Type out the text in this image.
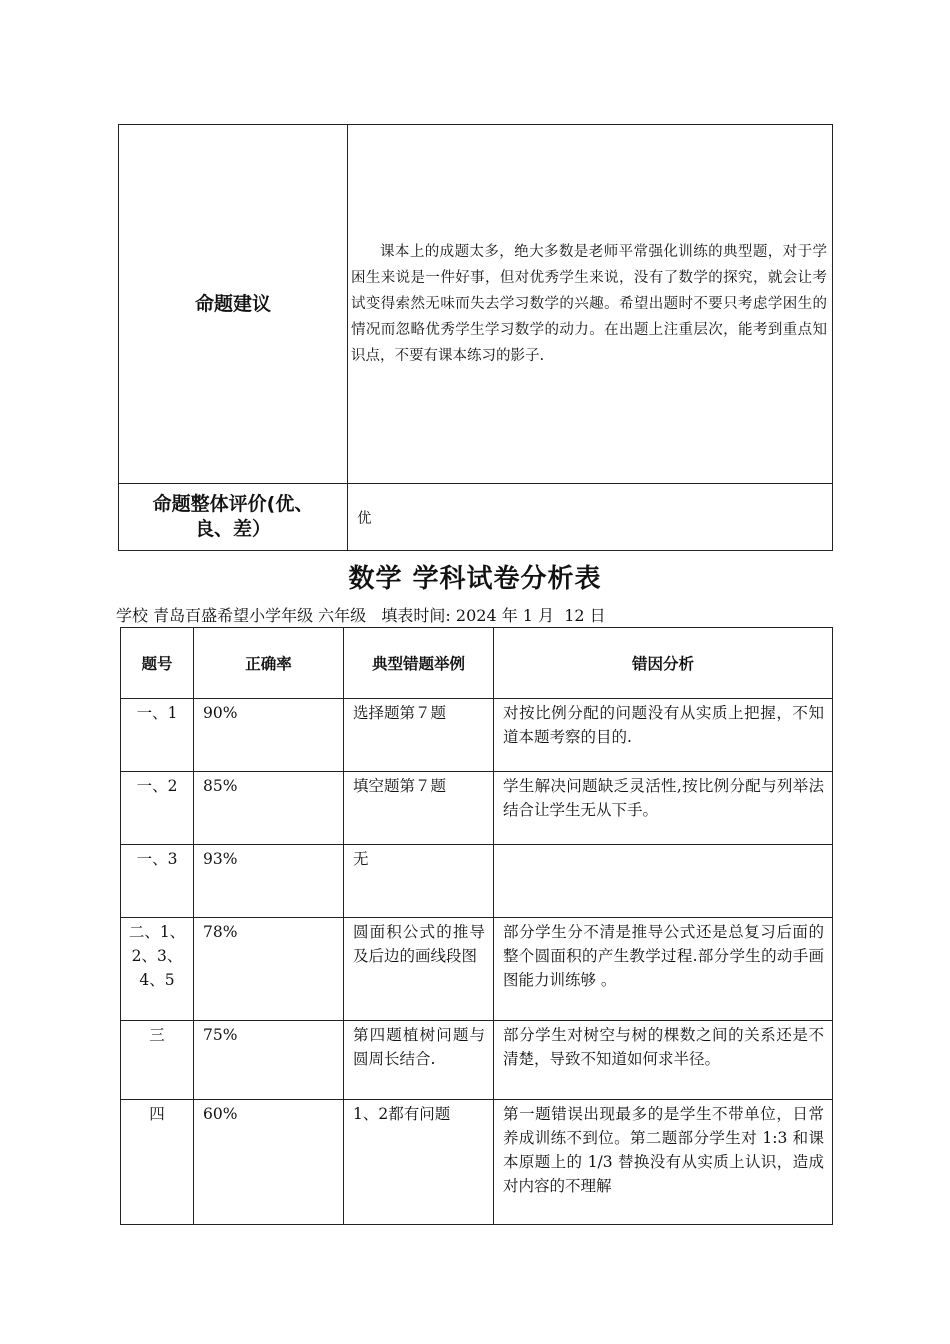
命题建议	课本上的成题太多，绝大多数是老师平常强化训练的典型题，对于学困生来说是一件好事，但对优秀学生来说，没有了数学的探究，就会让考试变得索然无味而失去学习数学的兴趣。希望出题时不要只考虑学困生的情况而忽略优秀学生学习数学的动力。在出题上注重层次，能考到重点知识点，不要有课本练习的影子.

命题整体评价(优、
良、差）	优
数学 学科试卷分析表
学校 青岛百盛希望小学年级 六年级   填表时间: 2024 年 1 月  12 日
题号	正确率	典型错题举例	错因分析
一、1	90%	选择题第７题	对按比例分配的问题没有从实质上把握，不知道本题考察的目的.
一、2	85%	填空题第７题	学生解决问题缺乏灵活性,按比例分配与列举法结合让学生无从下手。
一、3	93%	无	
二、1、2、3、4、5	78%	圆面积公式的推导及后边的画线段图	部分学生分不清是推导公式还是总复习后面的整个圆面积的产生教学过程.部分学生的动手画图能力训练够 。
三	75%	第四题植树问题与圆周长结合.	部分学生对树空与树的棵数之间的关系还是不清楚，导致不知道如何求半径。
四	60%	1、2都有问题	第一题错误出现最多的是学生不带单位，日常养成训练不到位。第二题部分学生对 1:3 和课本原题上的 1/3 替换没有从实质上认识，造成对内容的不理解
